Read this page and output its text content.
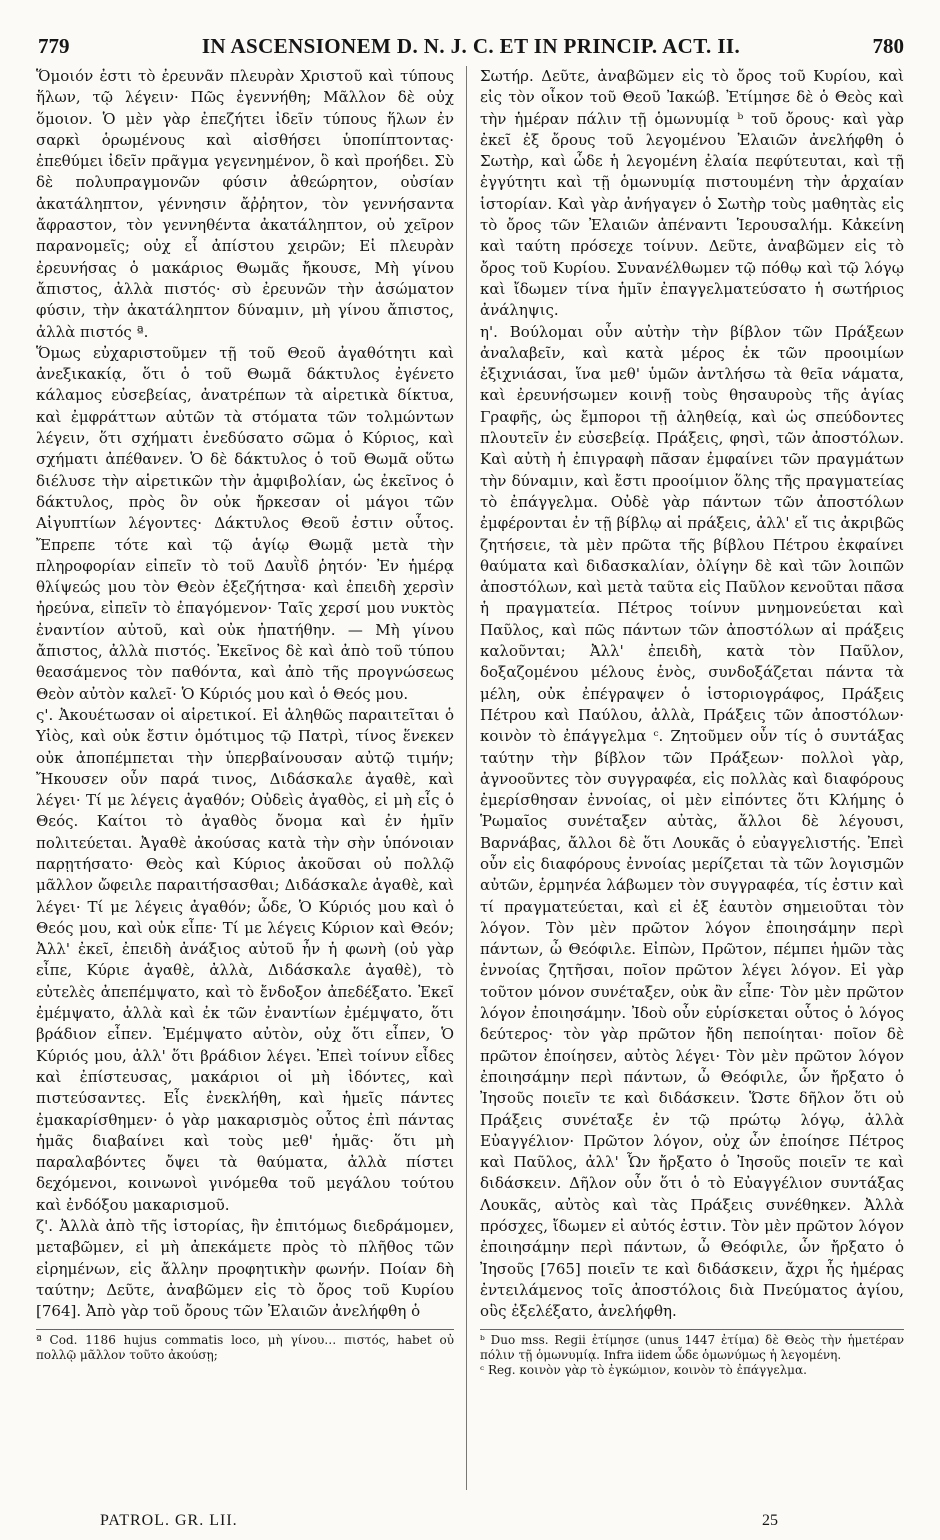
779	IN ASCENSIONEM D. N. J. C. ET IN PRINCIP. ACT. II.	780

Ὅμοιόν ἐστι τὸ ἐρευνᾶν πλευρὰν Χριστοῦ καὶ τύπους ἥλων, τῷ λέγειν· Πῶς ἐγεννήθη; Μᾶλλον δὲ οὐχ ὅμοιον. Ὁ μὲν γὰρ ἐπεζήτει ἰδεῖν τύπους ἥλων ἐν σαρκὶ ὁρωμένους καὶ αἰσθήσει ὑποπίπτοντας· ἐπεθύμει ἰδεῖν πρᾶγμα γεγενημένον, ὃ καὶ προήδει. Σὺ δὲ πολυπραγμονῶν φύσιν ἀθεώρητον, οὐσίαν ἀκατάληπτον, γέννησιν ἄῤῥητον, τὸν γεννήσαντα ἄφραστον, τὸν γεννηθέντα ἀκατάληπτον, οὐ χεῖρον παρανομεῖς; οὐχ εἶ ἀπίστου χειρῶν; Εἰ πλευρὰν ἐρευνήσας ὁ μακάριος Θωμᾶς ἤκουσε, Μὴ γίνου ἄπιστος, ἀλλὰ πιστός· σὺ ἐρευνῶν τὴν ἀσώματον φύσιν, τὴν ἀκατάληπτον δύναμιν, μὴ γίνου ἄπιστος, ἀλλὰ πιστός ª.

Ὅμως εὐχαριστοῦμεν τῇ τοῦ Θεοῦ ἀγαθότητι καὶ ἀνεξικακίᾳ, ὅτι ὁ τοῦ Θωμᾶ δάκτυλος ἐγένετο κάλαμος εὐσεβείας, ἀνατρέπων τὰ αἱρετικὰ δίκτυα, καὶ ἐμφράττων αὐτῶν τὰ στόματα τῶν τολμώντων λέγειν, ὅτι σχήματι ἐνεδύσατο σῶμα ὁ Κύριος, καὶ σχήματι ἀπέθανεν. Ὁ δὲ δάκτυλος ὁ τοῦ Θωμᾶ οὕτω διέλυσε τὴν αἱρετικῶν τὴν ἀμφιβολίαν, ὡς ἐκεῖνος ὁ δάκτυλος, πρὸς ὃν οὐκ ἤρκεσαν οἱ μάγοι τῶν Αἰγυπτίων λέγοντες· Δάκτυλος Θεοῦ ἐστιν οὗτος. Ἔπρεπε τότε καὶ τῷ ἁγίῳ Θωμᾷ μετὰ τὴν πληροφορίαν εἰπεῖν τὸ τοῦ Δαυῒδ ῥητόν· Ἐν ἡμέρᾳ θλίψεώς μου τὸν Θεὸν ἐξεζήτησα· καὶ ἐπειδὴ χερσὶν ἠρεύνα, εἰπεῖν τὸ ἐπαγόμενον· Ταῖς χερσί μου νυκτὸς ἐναντίον αὐτοῦ, καὶ οὐκ ἠπατήθην. — Μὴ γίνου ἄπιστος, ἀλλὰ πιστός. Ἐκεῖνος δὲ καὶ ἀπὸ τοῦ τύπου θεασάμενος τὸν παθόντα, καὶ ἀπὸ τῆς προγνώσεως Θεὸν αὐτὸν καλεῖ· Ὁ Κύριός μου καὶ ὁ Θεός μου.

ς'. Ἀκουέτωσαν οἱ αἱρετικοί. Εἰ ἀληθῶς παραιτεῖται ὁ Υἱὸς, καὶ οὐκ ἔστιν ὁμότιμος τῷ Πατρὶ, τίνος ἕνεκεν οὐκ ἀποπέμπεται τὴν ὑπερβαίνουσαν αὐτῷ τιμήν; Ἤκουσεν οὖν παρά τινος, Διδάσκαλε ἀγαθὲ, καὶ λέγει· Τί με λέγεις ἀγαθόν; Οὐδεὶς ἀγαθὸς, εἰ μὴ εἷς ὁ Θεός. Καίτοι τὸ ἀγαθὸς ὄνομα καὶ ἐν ἡμῖν πολιτεύεται. Ἀγαθὲ ἀκούσας κατὰ τὴν σὴν ὑπόνοιαν παρῃτήσατο· Θεὸς καὶ Κύριος ἀκοῦσαι οὐ πολλῷ μᾶλλον ὤφειλε παραιτήσασθαι; Διδάσκαλε ἀγαθὲ, καὶ λέγει· Τί με λέγεις ἀγαθόν; ὧδε, Ὁ Κύριός μου καὶ ὁ Θεός μου, καὶ οὐκ εἶπε· Τί με λέγεις Κύριον καὶ Θεόν; Ἀλλ' ἐκεῖ, ἐπειδὴ ἀνάξιος αὐτοῦ ἦν ἡ φωνὴ (οὐ γὰρ εἶπε, Κύριε ἀγαθὲ, ἀλλὰ, Διδάσκαλε ἀγαθὲ), τὸ εὐτελὲς ἀπεπέμψατο, καὶ τὸ ἔνδοξον ἀπεδέξατο. Ἐκεῖ ἐμέμψατο, ἀλλὰ καὶ ἐκ τῶν ἐναντίων ἐμέμψατο, ὅτι βράδιον εἶπεν. Ἐμέμψατο αὐτὸν, οὐχ ὅτι εἶπεν, Ὁ Κύριός μου, ἀλλ' ὅτι βράδιον λέγει. Ἐπεὶ τοίνυν εἶδες καὶ ἐπίστευσας, μακάριοι οἱ μὴ ἰδόντες, καὶ πιστεύσαντες. Εἷς ἐνεκλήθη, καὶ ἡμεῖς πάντες ἐμακαρίσθημεν· ὁ γὰρ μακαρισμὸς οὗτος ἐπὶ πάντας ἡμᾶς διαβαίνει καὶ τοὺς μεθ' ἡμᾶς· ὅτι μὴ παραλαβόντες ὄψει τὰ θαύματα, ἀλλὰ πίστει δεχόμενοι, κοινωνοὶ γινόμεθα τοῦ μεγάλου τούτου καὶ ἐνδόξου μακαρισμοῦ.

ζ'. Ἀλλὰ ἀπὸ τῆς ἱστορίας, ἣν ἐπιτόμως διεδράμομεν, μεταβῶμεν, εἰ μὴ ἀπεκάμετε πρὸς τὸ πλῆθος τῶν εἰρημένων, εἰς ἄλλην προφητικὴν φωνήν. Ποίαν δὴ ταύτην; Δεῦτε, ἀναβῶμεν εἰς τὸ ὄρος τοῦ Κυρίου [764]. Ἀπὸ γὰρ τοῦ ὄρους τῶν Ἐλαιῶν ἀνελήφθη ὁ

ª Cod. 1186 hujus commatis loco, μὴ γίνου… πιστός, habet οὐ πολλῷ μᾶλλον τοῦτο ἀκούσῃ;

Σωτήρ. Δεῦτε, ἀναβῶμεν εἰς τὸ ὄρος τοῦ Κυρίου, καὶ εἰς τὸν οἶκον τοῦ Θεοῦ Ἰακώβ. Ἐτίμησε δὲ ὁ Θεὸς καὶ τὴν ἡμέραν πάλιν τῇ ὁμωνυμίᾳ ᵇ τοῦ ὄρους· καὶ γὰρ ἐκεῖ ἐξ ὄρους τοῦ λεγομένου Ἐλαιῶν ἀνελήφθη ὁ Σωτὴρ, καὶ ὧδε ἡ λεγομένη ἐλαία πεφύτευται, καὶ τῇ ἐγγύτητι καὶ τῇ ὁμωνυμίᾳ πιστουμένη τὴν ἀρχαίαν ἱστορίαν. Καὶ γὰρ ἀνήγαγεν ὁ Σωτὴρ τοὺς μαθητὰς εἰς τὸ ὄρος τῶν Ἐλαιῶν ἀπέναντι Ἱερουσαλήμ. Κἀκείνη καὶ ταύτη πρόσεχε τοίνυν. Δεῦτε, ἀναβῶμεν εἰς τὸ ὄρος τοῦ Κυρίου. Συνανέλθωμεν τῷ πόθῳ καὶ τῷ λόγῳ καὶ ἴδωμεν τίνα ἡμῖν ἐπαγγελματεύσατο ἡ σωτήριος ἀνάληψις.

η'. Βούλομαι οὖν αὐτὴν τὴν βίβλον τῶν Πράξεων ἀναλαβεῖν, καὶ κατὰ μέρος ἐκ τῶν προοιμίων ἐξιχνιάσαι, ἵνα μεθ' ὑμῶν ἀντλήσω τὰ θεῖα νάματα, καὶ ἐρευνήσωμεν κοινῇ τοὺς θησαυροὺς τῆς ἁγίας Γραφῆς, ὡς ἔμποροι τῇ ἀληθείᾳ, καὶ ὡς σπεύδοντες πλουτεῖν ἐν εὐσεβείᾳ. Πράξεις, φησὶ, τῶν ἀποστόλων. Καὶ αὐτὴ ἡ ἐπιγραφὴ πᾶσαν ἐμφαίνει τῶν πραγμάτων τὴν δύναμιν, καὶ ἔστι προοίμιον ὅλης τῆς πραγματείας τὸ ἐπάγγελμα. Οὐδὲ γὰρ πάντων τῶν ἀποστόλων ἐμφέρονται ἐν τῇ βίβλῳ αἱ πράξεις, ἀλλ' εἴ τις ἀκριβῶς ζητήσειε, τὰ μὲν πρῶτα τῆς βίβλου Πέτρου ἐκφαίνει θαύματα καὶ διδασκαλίαν, ὀλίγην δὲ καὶ τῶν λοιπῶν ἀποστόλων, καὶ μετὰ ταῦτα εἰς Παῦλον κενοῦται πᾶσα ἡ πραγματεία. Πέτρος τοίνυν μνημονεύεται καὶ Παῦλος, καὶ πῶς πάντων τῶν ἀποστόλων αἱ πράξεις καλοῦνται; Ἀλλ' ἐπειδὴ, κατὰ τὸν Παῦλον, δοξαζομένου μέλους ἑνὸς, συνδοξάζεται πάντα τὰ μέλη, οὐκ ἐπέγραψεν ὁ ἱστοριογράφος, Πράξεις Πέτρου καὶ Παύλου, ἀλλὰ, Πράξεις τῶν ἀποστόλων· κοινὸν τὸ ἐπάγγελμα ᶜ. Ζητοῦμεν οὖν τίς ὁ συντάξας ταύτην τὴν βίβλον τῶν Πράξεων· πολλοὶ γὰρ, ἀγνοοῦντες τὸν συγγραφέα, εἰς πολλὰς καὶ διαφόρους ἐμερίσθησαν ἐννοίας, οἱ μὲν εἰπόντες ὅτι Κλήμης ὁ Ῥωμαῖος συνέταξεν αὐτὰς, ἄλλοι δὲ λέγουσι, Βαρνάβας, ἄλλοι δὲ ὅτι Λουκᾶς ὁ εὐαγγελιστής. Ἐπεὶ οὖν εἰς διαφόρους ἐννοίας μερίζεται τὰ τῶν λογισμῶν αὐτῶν, ἑρμηνέα λάβωμεν τὸν συγγραφέα, τίς ἐστιν καὶ τί πραγματεύεται, καὶ εἰ ἐξ ἑαυτὸν σημειοῦται τὸν λόγον. Τὸν μὲν πρῶτον λόγον ἐποιησάμην περὶ πάντων, ὦ Θεόφιλε. Εἰπὼν, Πρῶτον, πέμπει ἡμῶν τὰς ἐννοίας ζητῆσαι, ποῖον πρῶτον λέγει λόγον. Εἰ γὰρ τοῦτον μόνον συνέταξεν, οὐκ ἂν εἶπε· Τὸν μὲν πρῶτον λόγον ἐποιησάμην. Ἰδοὺ οὖν εὑρίσκεται οὗτος ὁ λόγος δεύτερος· τὸν γὰρ πρῶτον ἤδη πεποίηται· ποῖον δὲ πρῶτον ἐποίησεν, αὐτὸς λέγει· Τὸν μὲν πρῶτον λόγον ἐποιησάμην περὶ πάντων, ὦ Θεόφιλε, ὧν ἤρξατο ὁ Ἰησοῦς ποιεῖν τε καὶ διδάσκειν. Ὥστε δῆλον ὅτι οὐ Πράξεις συνέταξε ἐν τῷ πρώτῳ λόγῳ, ἀλλὰ Εὐαγγέλιον· Πρῶτον λόγον, οὐχ ὧν ἐποίησε Πέτρος καὶ Παῦλος, ἀλλ' Ὧν ἤρξατο ὁ Ἰησοῦς ποιεῖν τε καὶ διδάσκειν. Δῆλον οὖν ὅτι ὁ τὸ Εὐαγγέλιον συντάξας Λουκᾶς, αὐτὸς καὶ τὰς Πράξεις συνέθηκεν. Ἀλλὰ πρόσχες, ἴδωμεν εἰ αὐτός ἐστιν. Τὸν μὲν πρῶτον λόγον ἐποιησάμην περὶ πάντων, ὦ Θεόφιλε, ὧν ἤρξατο ὁ Ἰησοῦς [765] ποιεῖν τε καὶ διδάσκειν, ἄχρι ἧς ἡμέρας ἐντειλάμενος τοῖς ἀποστόλοις διὰ Πνεύματος ἁγίου, οὓς ἐξελέξατο, ἀνελήφθη.

ᵇ Duo mss. Regii ἐτίμησε (unus 1447 ἐτίμα) δὲ Θεὸς τὴν ἡμετέραν πόλιν τῇ ὁμωνυμίᾳ. Infra iidem ὧδε ὁμωνύμως ἡ λεγομένη.

ᶜ Reg. κοινὸν γὰρ τὸ ἐγκώμιον, κοινὸν τὸ ἐπάγγελμα.

PATROL. GR. LII.	25
